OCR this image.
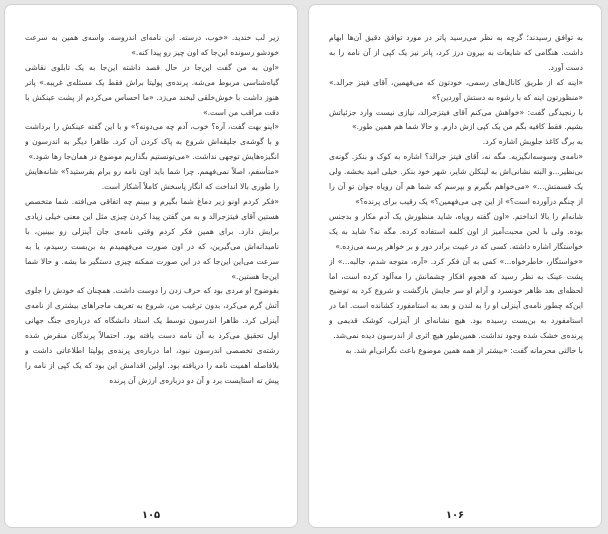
زیر لب خندید. «خوب، درسته. این نامه‌ای اندروسه. واسه‌ی همین به سرعت خودشو رسونده این‌جا که اون چیز رو پیدا کنه.»

«اون به من گفت این‌جا در حال قصد داشته این‌جا به یک تابلوی نقاشی گیاه‌شناسی مربوط می‌شه. پرنده‌ی پولیتا براش فقط یک مسئله‌ی غریبه.» پاتر هنوز داشت با خوش‌خلقی لبخند می‌زد. «ما احساس می‌کردم از پشت عینکش با دقت مراقب من است.»

«اینو بهت گفت، آره؟ خوب، آدم چه می‌دونه؟» و با این گفته عینکش را برداشت و با گوشه‌ی جلیقه‌اش شروع به پاک کردن آن کرد. ظاهرا دیگر به اندرسون و انگیزه‌هایش توجهی نداشت. «می‌تونستیم بگذاریم موضوع در همان‌جا رها شود.»

«متأسفم، اصلاً نمی‌فهمم. چرا شما باید اون نامه رو برام بفرستید؟» شانه‌هایش را طوری بالا انداخت که انگار پاسخش کاملاً آشکار است.

«فکر کردم اونو زیر دماغ شما بگیرم و ببینم چه اتفاقی می‌افته. شما متخصص هستین آقای فیتزجرالد و به من گفتن پیدا کردن چیزی مثل این معنی خیلی زیادی برایش دارد. برای همین فکر کردم وقتی نامه‌ی جان آینزلی رو ببینین، با نامیدانه‌اش می‌گیرین، که در اون صورت می‌فهمیدم به بن‌بست رسیدم، یا به سرعت می‌این این‌جا که در این صورت ممکنه چیزی دستگیر ما بشه. و حالا شما این‌جا هستین.»

بفوضوح او مردی بود که حرف زدن را دوست داشت. همچنان که خودش را جلوی آتش گرم می‌کرد، بدون ترغیب من، شروع به تعریف ماجراهای بیشتری از نامه‌ی آینزلی کرد. ظاهرا اندرسون توسط یک استاد دانشگاه که درباره‌ی جنگ جهانی اول تحقیق می‌کرد به آن نامه دست یافته بود. احتمالاً پرندگان منقرض شده رشته‌ی تخصصی اندرسون نبود، اما درباره‌ی پرنده‌ی پولیتا اطلاعاتی داشت و بلافاصله اهمیت نامه را دریافته بود. اولین اقدامش این بود که یک کپی از نامه را پیش ته استایست برد و آن دو درباره‌ی ارزش آن پرنده

۱۰۵

به توافق رسیدند؛ گرچه به نظر می‌رسید پاتر در مورد توافق دقیق آن‌ها ابهام داشت. هنگامی که شایعات به بیرون درز کرد، پاتر نیز یک کپی از آن نامه را به دست آورد.

«اینه که از طریق کانال‌های رسمی، خودتون که می‌فهمین، آقای فیتز جرالد.» «منظورتون اینه که با رشوه به دستش آوردین؟»

با رنجیدگی گفت: «خواهش می‌کنم آقای فیتزجرالد، نیازی نیست وارد جزئیاتش بشیم. فقط کافیه بگم من یک کپی ازش دارم. و حالا شما هم همین طور.»

به برگ کاغذ جلویش اشاره کرد.

«نامه‌ی وسوسه‌انگیزیه. مگه نه، آقای فیتز جرالد؟ اشاره به کوک و بنکز. گونه‌ی بی‌نظیر...و البته نشانی‌اش به لینکلن شایر، شهر خود بنکز. خیلی امید بخشه. ولی یک قسمتش...» «می‌خواهم بگیرم و بپرسم که شما هم آن رویاه جوان تو آن را از چنگم درآورده است؟» از این چی می‌فهمین؟» یک رقیب برای پرنده؟»

شانه‌ام را بالا انداختم. «اون گفته رویاه، شاید منظورش یک آدم مکار و بدجنس بوده. ولی با لحن محبت‌آمیز از اون کلمه استفاده کرده. مگه نه؟ شاید به یک خواستگار اشاره داشته. کسی که در غیبت برادر دور و بر خواهر پرسه می‌زده.»

«خواستگار، خاطرخواه...» کمی به آن فکر کرد. «آره، متوجه شدم، جالبه...» از پشت عینک به نظر رسید که هجوم افکار چشمانش را مه‌آلود کرده است، اما لحظه‌ای بعد ظاهر خونسرد و آرام او سر جایش بازگشت و شروع کرد به توضیح این‌که چطور نامه‌ی آینزلی او را به لندن و بعد به استامفورد کشانده است. اما در استامفورد به بن‌بست رسیده بود. هیچ نشانه‌ای از آینزلی، کوشک قدیمی و پرنده‌ی خشک شده وجود نداشت. همین‌طور هیچ اثری از اندرسون دیده نمی‌شد.

با حالتی محرمانه گفت: «بیشتر از همه همین موضوع باعث نگرانی‌ام شد. به

۱۰۶
